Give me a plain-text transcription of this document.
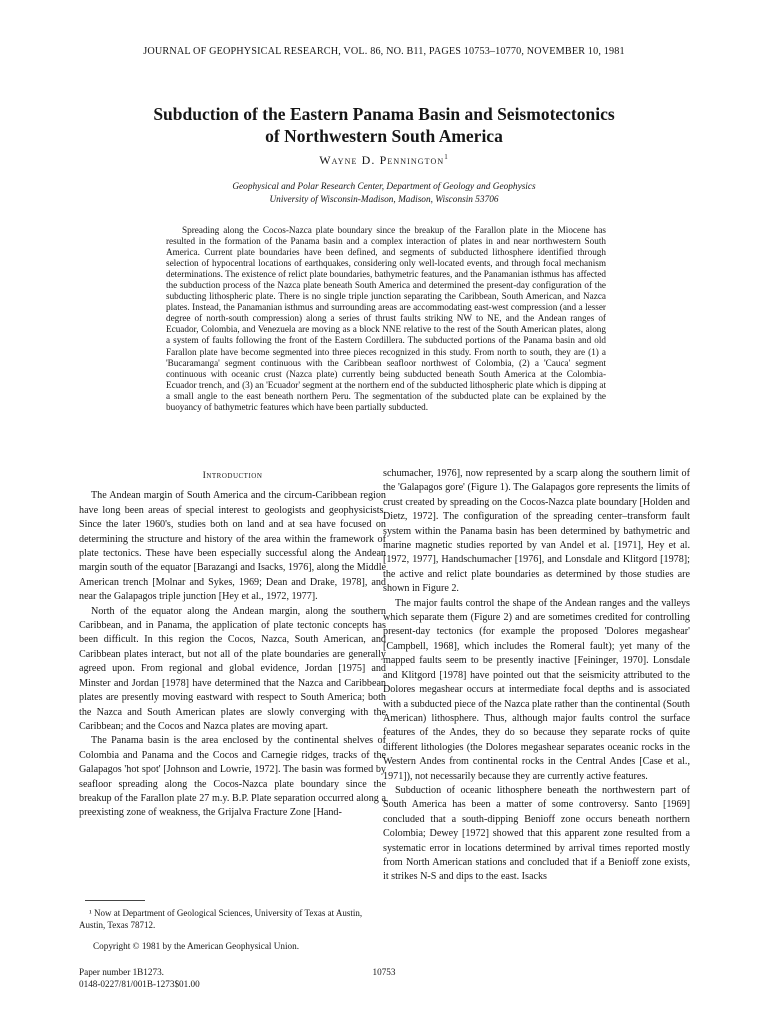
JOURNAL OF GEOPHYSICAL RESEARCH, VOL. 86, NO. B11, PAGES 10753–10770, NOVEMBER 10, 1981
Subduction of the Eastern Panama Basin and Seismotectonics
of Northwestern South America
Wayne D. Pennington$^1$
Geophysical and Polar Research Center, Department of Geology and Geophysics
University of Wisconsin-Madison, Madison, Wisconsin 53706

Spreading along the Cocos-Nazca plate boundary since the breakup of the Farallon plate in the Miocene has resulted in the formation of the Panama basin and a complex interaction of plates in and near northwestern South America. Current plate boundaries have been defined, and segments of subducted lithosphere identified through selection of hypocentral locations of earthquakes, considering only well-located events, and through focal mechanism determinations. The existence of relict plate boundaries, bathymetric features, and the Panamanian isthmus has affected the subduction process of the Nazca plate beneath South America and determined the present-day configuration of the subducting lithospheric plate. There is no single triple junction separating the Caribbean, South American, and Nazca plates. Instead, the Panamanian isthmus and surrounding areas are accommodating east-west compression (and a lesser degree of north-south compression) along a series of thrust faults striking NW to NE, and the Andean ranges of Ecuador, Colombia, and Venezuela are moving as a block NNE relative to the rest of the South American plates, along a system of faults following the front of the Eastern Cordillera. The subducted portions of the Panama basin and old Farallon plate have become segmented into three pieces recognized in this study. From north to south, they are (1) a 'Bucaramanga' segment continuous with the Caribbean seafloor northwest of Colombia, (2) a 'Cauca' segment continuous with oceanic crust (Nazca plate) currently being subducted beneath South America at the Colombia-Ecuador trench, and (3) an 'Ecuador' segment at the northern end of the subducted lithospheric plate which is dipping at a small angle to the east beneath northern Peru. The segmentation of the subducted plate can be explained by the buoyancy of bathymetric features which have been partially subducted.

Introduction

The Andean margin of South America and the circum-Caribbean region have long been areas of special interest to geologists and geophysicists. Since the later 1960's, studies both on land and at sea have focused on determining the structure and history of the area within the framework of plate tectonics. These have been especially successful along the Andean margin south of the equator [Barazangi and Isacks, 1976], along the Middle American trench [Molnar and Sykes, 1969; Dean and Drake, 1978], and near the Galapagos triple junction [Hey et al., 1972, 1977].

North of the equator along the Andean margin, along the southern Caribbean, and in Panama, the application of plate tectonic concepts has been difficult. In this region the Cocos, Nazca, South American, and Caribbean plates interact, but not all of the plate boundaries are generally agreed upon. From regional and global evidence, Jordan [1975] and Minster and Jordan [1978] have determined that the Nazca and Caribbean plates are presently moving eastward with respect to South America; both the Nazca and South American plates are slowly converging with the Caribbean; and the Cocos and Nazca plates are moving apart.

The Panama basin is the area enclosed by the continental shelves of Colombia and Panama and the Cocos and Carnegie ridges, tracks of the Galapagos 'hot spot' [Johnson and Lowrie, 1972]. The basin was formed by seafloor spreading along the Cocos-Nazca plate boundary since the breakup of the Farallon plate 27 m.y. B.P. Plate separation occurred along a preexisting zone of weakness, the Grijalva Fracture Zone [Hand-

schumacher, 1976], now represented by a scarp along the southern limit of the 'Galapagos gore' (Figure 1). The Galapagos gore represents the limits of crust created by spreading on the Cocos-Nazca plate boundary [Holden and Dietz, 1972]. The configuration of the spreading center–transform fault system within the Panama basin has been determined by bathymetric and marine magnetic studies reported by van Andel et al. [1971], Hey et al. [1972, 1977], Handschumacher [1976], and Lonsdale and Klitgord [1978]; the active and relict plate boundaries as determined by those studies are shown in Figure 2.

The major faults control the shape of the Andean ranges and the valleys which separate them (Figure 2) and are sometimes credited for controlling present-day tectonics (for example the proposed 'Dolores megashear' [Campbell, 1968], which includes the Romeral fault); yet many of the mapped faults seem to be presently inactive [Feininger, 1970]. Lonsdale and Klitgord [1978] have pointed out that the seismicity attributed to the Dolores megashear occurs at intermediate focal depths and is associated with a subducted piece of the Nazca plate rather than the continental (South American) lithosphere. Thus, although major faults control the surface features of the Andes, they do so because they separate rocks of quite different lithologies (the Dolores megashear separates oceanic rocks in the Western Andes from continental rocks in the Central Andes [Case et al., 1971]), not necessarily because they are currently active features.

Subduction of oceanic lithosphere beneath the northwestern part of South America has been a matter of some controversy. Santo [1969] concluded that a south-dipping Benioff zone occurs beneath northern Colombia; Dewey [1972] showed that this apparent zone resulted from a systematic error in locations determined by arrival times reported mostly from North American stations and concluded that if a Benioff zone exists, it strikes N-S and dips to the east. Isacks

¹ Now at Department of Geological Sciences, University of Texas at Austin, Austin, Texas 78712.
Copyright © 1981 by the American Geophysical Union.
Paper number 1B1273.
0148-0227/81/001B-1273$01.00
10753
